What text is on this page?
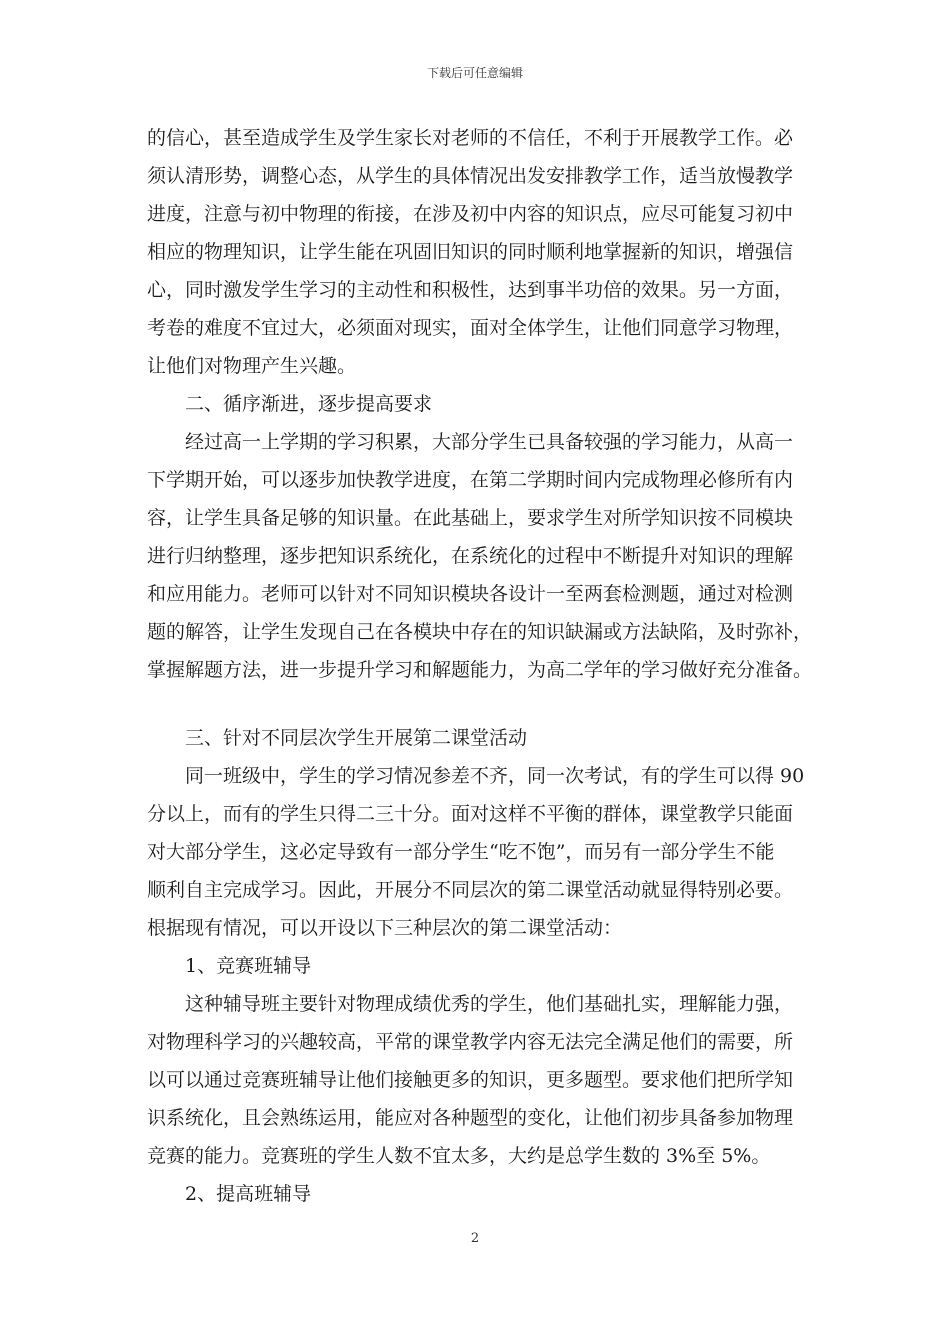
下载后可任意编辑
的信心，甚至造成学生及学生家长对老师的不信任，不利于开展教学工作。必
须认清形势，调整心态，从学生的具体情况出发安排教学工作，适当放慢教学
进度，注意与初中物理的衔接，在涉及初中内容的知识点，应尽可能复习初中
相应的物理知识，让学生能在巩固旧知识的同时顺利地掌握新的知识，增强信
心，同时激发学生学习的主动性和积极性，达到事半功倍的效果。另一方面，
考卷的难度不宜过大，必须面对现实，面对全体学生，让他们同意学习物理，
让他们对物理产生兴趣。
二、循序渐进，逐步提高要求
经过高一上学期的学习积累，大部分学生已具备较强的学习能力，从高一
下学期开始，可以逐步加快教学进度，在第二学期时间内完成物理必修所有内
容，让学生具备足够的知识量。在此基础上，要求学生对所学知识按不同模块
进行归纳整理，逐步把知识系统化，在系统化的过程中不断提升对知识的理解
和应用能力。老师可以针对不同知识模块各设计一至两套检测题，通过对检测
题的解答，让学生发现自己在各模块中存在的知识缺漏或方法缺陷，及时弥补，
掌握解题方法，进一步提升学习和解题能力，为高二学年的学习做好充分准备。
三、针对不同层次学生开展第二课堂活动
同一班级中，学生的学习情况参差不齐，同一次考试，有的学生可以得 90
分以上，而有的学生只得二三十分。面对这样不平衡的群体，课堂教学只能面
对大部分学生，这必定导致有一部分学生“吃不饱”，而另有一部分学生不能
顺利自主完成学习。因此，开展分不同层次的第二课堂活动就显得特别必要。
根据现有情况，可以开设以下三种层次的第二课堂活动：
1、竞赛班辅导
这种辅导班主要针对物理成绩优秀的学生，他们基础扎实，理解能力强，
对物理科学习的兴趣较高，平常的课堂教学内容无法完全满足他们的需要，所
以可以通过竞赛班辅导让他们接触更多的知识，更多题型。要求他们把所学知
识系统化，且会熟练运用，能应对各种题型的变化，让他们初步具备参加物理
竞赛的能力。竞赛班的学生人数不宜太多，大约是总学生数的 3%至 5%。
2、提高班辅导
2
